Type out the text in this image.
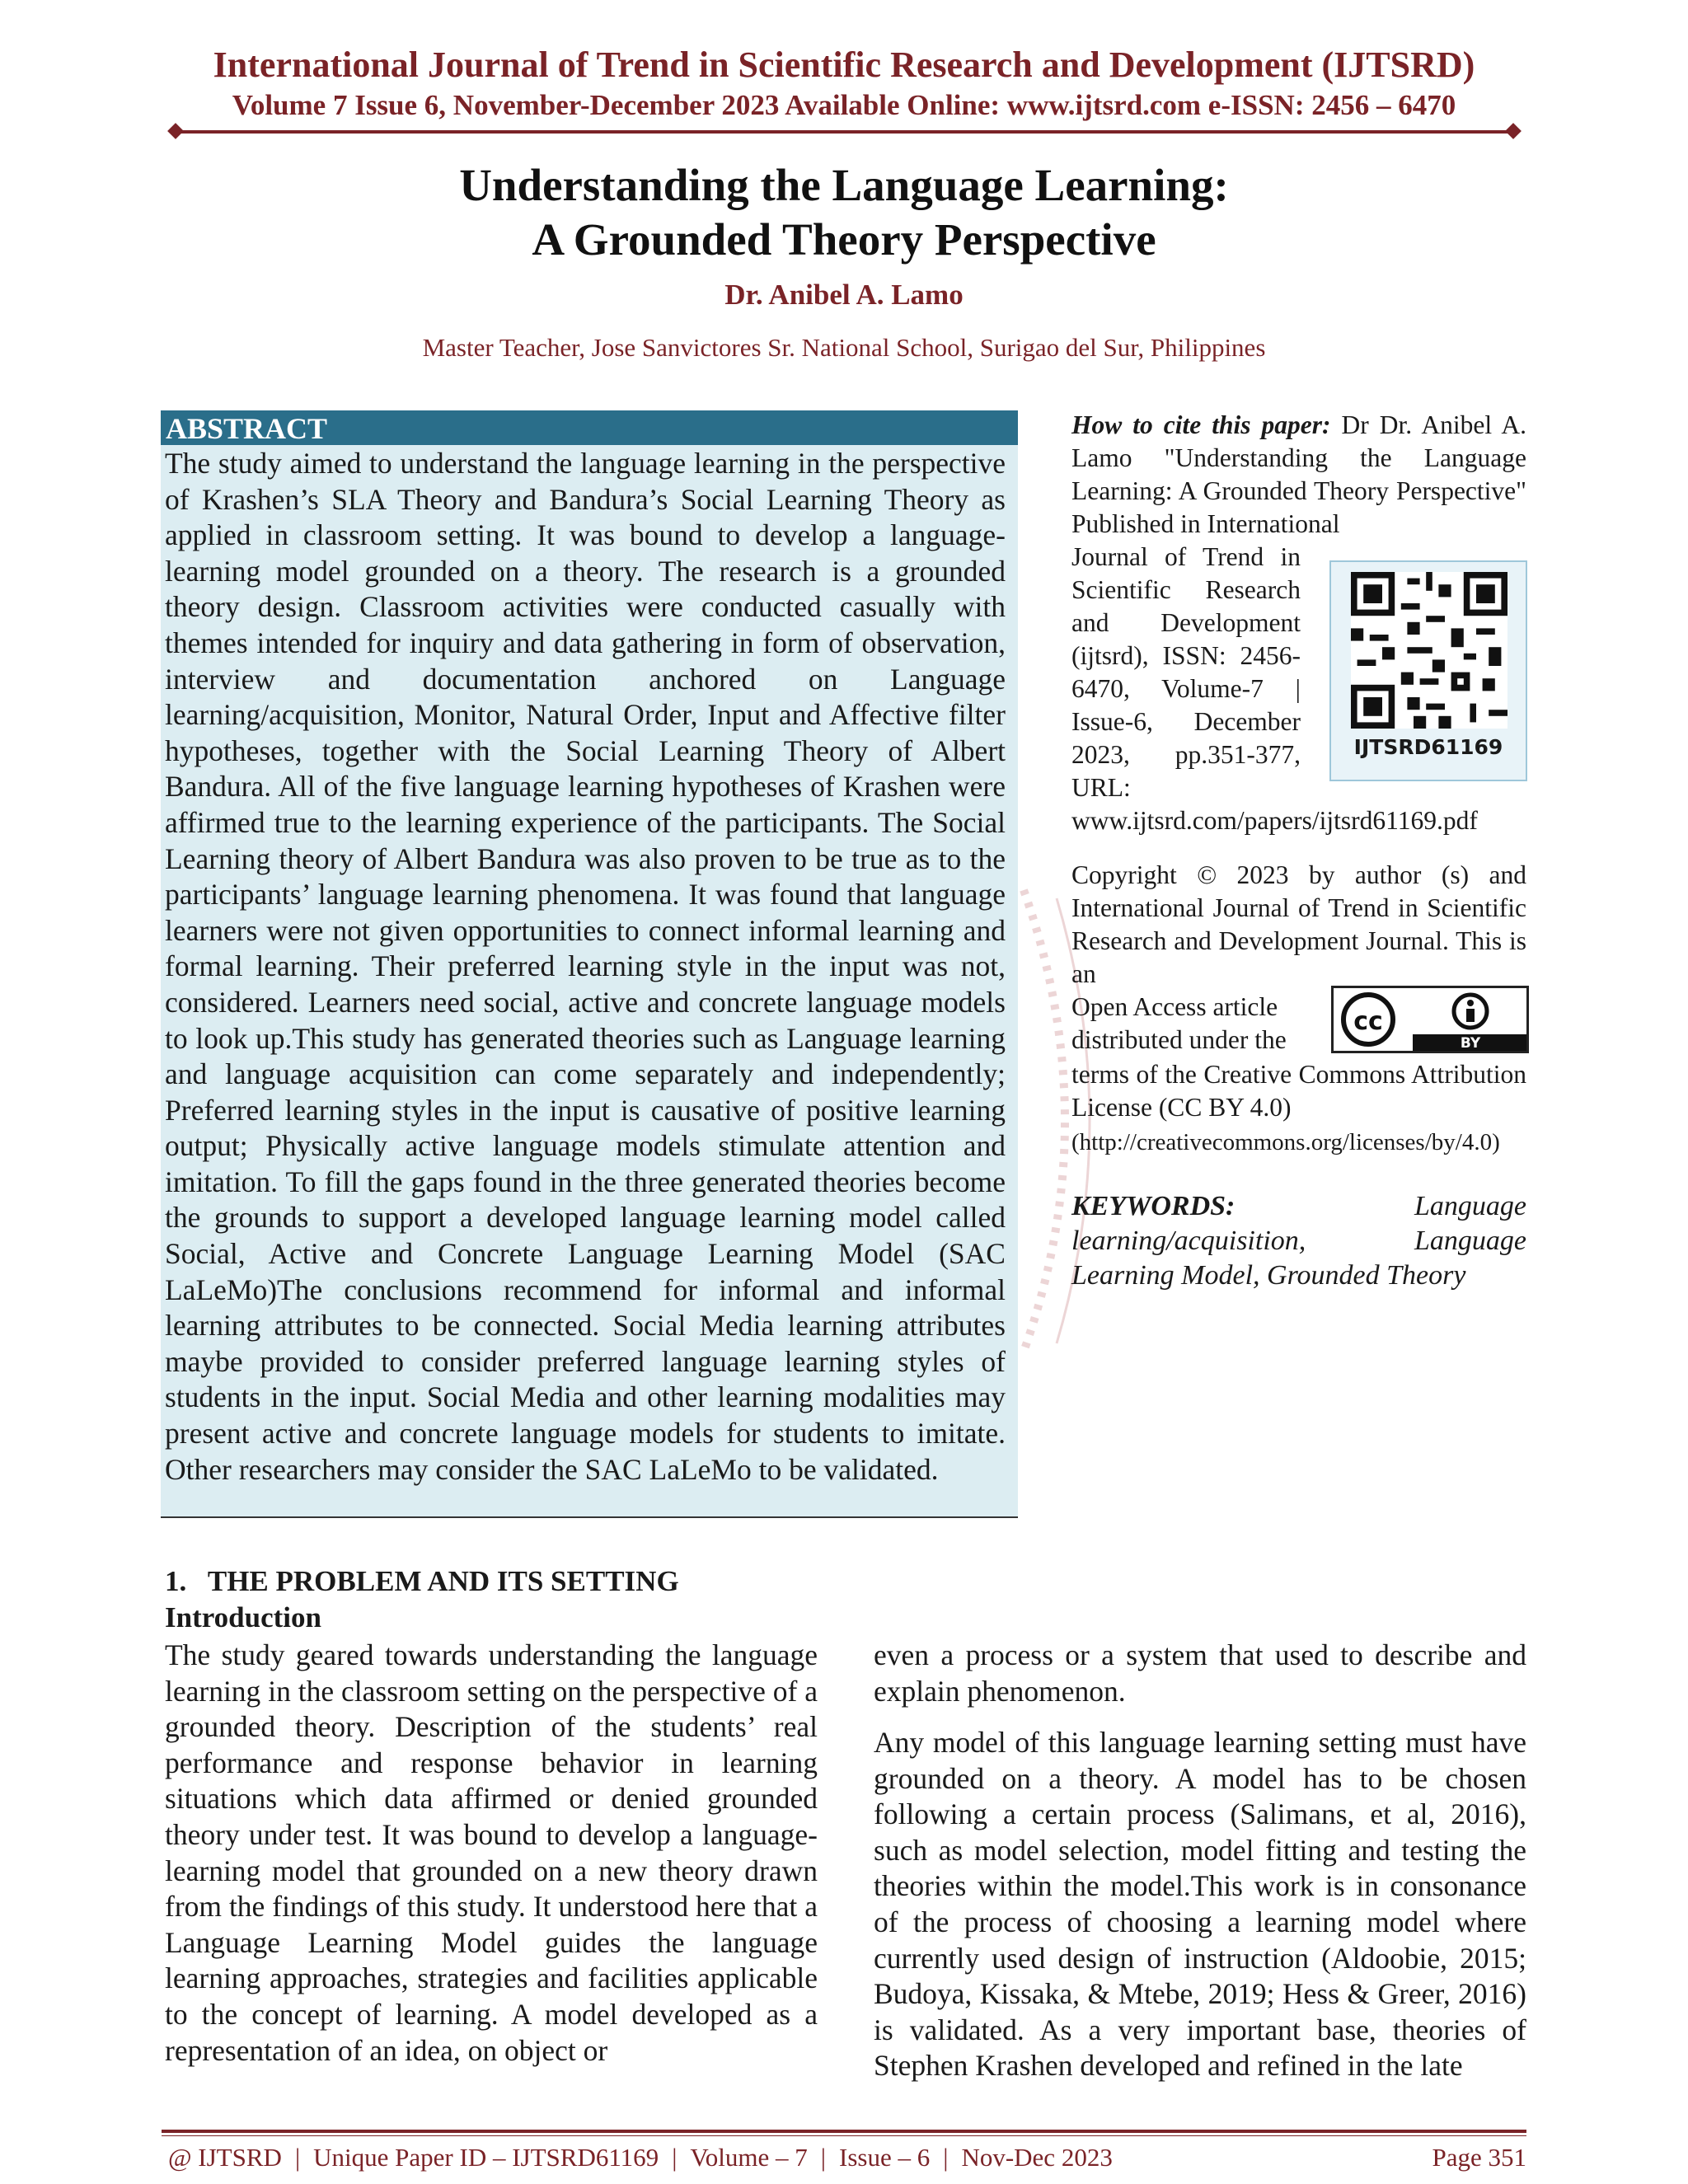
International Journal of Trend in Scientific Research and Development (IJTSRD)
Volume 7 Issue 6, November-December 2023 Available Online: www.ijtsrd.com e-ISSN: 2456 – 6470
Understanding the Language Learning:
A Grounded Theory Perspective
Dr. Anibel A. Lamo
Master Teacher, Jose Sanvictores Sr. National School, Surigao del Sur, Philippines
ABSTRACT
The study aimed to understand the language learning in the perspective of Krashen’s SLA Theory and Bandura’s Social Learning Theory as applied in classroom setting. It was bound to develop a language-learning model grounded on a theory. The research is a grounded theory design. Classroom activities were conducted casually with themes intended for inquiry and data gathering in form of observation, interview and documentation anchored on Language learning/acquisition, Monitor, Natural Order, Input and Affective filter hypotheses, together with the Social Learning Theory of Albert Bandura. All of the five language learning hypotheses of Krashen were affirmed true to the learning experience of the participants. The Social Learning theory of Albert Bandura was also proven to be true as to the participants’ language learning phenomena. It was found that language learners were not given opportunities to connect informal learning and formal learning. Their preferred learning style in the input was not, considered. Learners need social, active and concrete language models to look up.This study has generated theories such as Language learning and language acquisition can come separately and independently; Preferred learning styles in the input is causative of positive learning output; Physically active language models stimulate attention and imitation. To fill the gaps found in the three generated theories become the grounds to support a developed language learning model called Social, Active and Concrete Language Learning Model (SAC LaLeMo)The conclusions recommend for informal and informal learning attributes to be connected. Social Media learning attributes maybe provided to consider preferred language learning styles of students in the input. Social Media and other learning modalities may present active and concrete language models for students to imitate. Other researchers may consider the SAC LaLeMo to be validated.
How to cite this paper: Dr Dr. Anibel A. Lamo "Understanding the Language Learning: A Grounded Theory Perspective" Published in International
Journal of Trend in Scientific Research and Development (ijtsrd), ISSN: 2456-6470, Volume-7 | Issue-6, December 2023, pp.351-377, URL:
www.ijtsrd.com/papers/ijtsrd61169.pdf
IJTSRD61169
Copyright © 2023 by author (s) and International Journal of Trend in Scientific Research and Development Journal. This is an
Open Access article distributed under the
cc
BY
terms of the Creative Commons Attribution License (CC BY 4.0)
(http://creativecommons.org/licenses/by/4.0)
KEYWORDS:	Language learning/acquisition, Language Learning Model, Grounded Theory
1.   THE PROBLEM AND ITS SETTING
Introduction
The study geared towards understanding the language learning in the classroom setting on the perspective of a grounded theory. Description of the students’ real performance and response behavior in learning situations which data affirmed or denied grounded theory under test. It was bound to develop a language-learning model that grounded on a new theory drawn from the findings of this study. It understood here that a Language Learning Model guides the language learning approaches, strategies and facilities applicable to the concept of learning. A model developed as a representation of an idea, on object or
even a process or a system that used to describe and explain phenomenon.
Any model of this language learning setting must have grounded on a theory. A model has to be chosen following a certain process (Salimans, et al, 2016), such as model selection, model fitting and testing the theories within the model.This work is in consonance of the process of choosing a learning model where currently used design of instruction (Aldoobie, 2015; Budoya, Kissaka, & Mtebe, 2019; Hess & Greer, 2016) is validated. As a very important base, theories of Stephen Krashen developed and refined in the late
@ IJTSRD | Unique Paper ID – IJTSRD61169 | Volume – 7 | Issue – 6 | Nov-Dec 2023	Page 351
